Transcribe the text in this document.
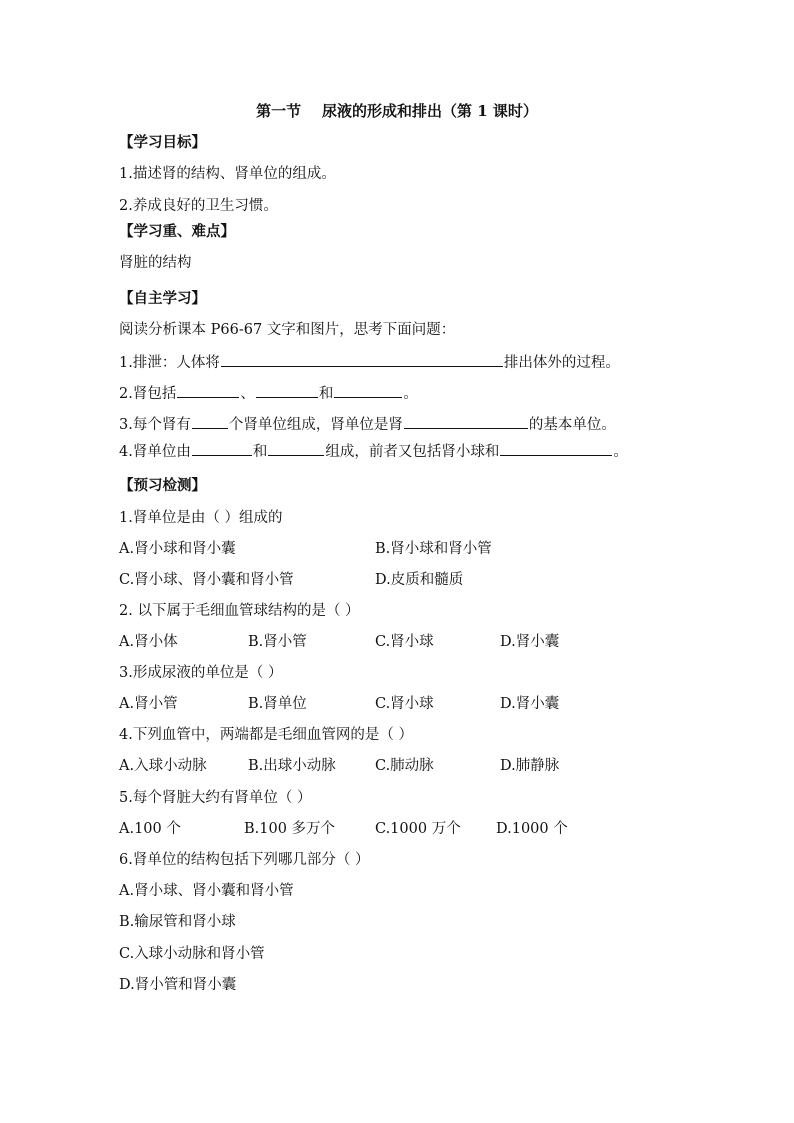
第一节    尿液的形成和排出（第 1 课时）
【学习目标】
1.描述肾的结构、肾单位的组成。
2.养成良好的卫生习惯。
【学习重、难点】
肾脏的结构
【自主学习】
阅读分析课本 P66-67 文字和图片，思考下面问题：
1.排泄：人体将	排出体外的过程。
2.肾包括	、	和	。
3.每个肾有	个肾单位组成，肾单位是肾	的基本单位。
4.肾单位由	和	组成，前者又包括肾小球和	。
【预习检测】
1.肾单位是由（ ）组成的
A.肾小球和肾小囊	B.肾小球和肾小管
C.肾小球、肾小囊和肾小管	D.皮质和髓质
2. 以下属于毛细血管球结构的是（ ）
A.肾小体	B.肾小管	C.肾小球	D.肾小囊
3.形成尿液的单位是（ ）
A.肾小管	B.肾单位	C.肾小球	D.肾小囊
4.下列血管中，两端都是毛细血管网的是（ ）
A.入球小动脉	B.出球小动脉	C.肺动脉	D.肺静脉
5.每个肾脏大约有肾单位（ ）
A.100 个	B.100 多万个	C.1000 万个 D.1000 个
6.肾单位的结构包括下列哪几部分（ ）
A.肾小球、肾小囊和肾小管
B.输尿管和肾小球
C.入球小动脉和肾小管
D.肾小管和肾小囊
